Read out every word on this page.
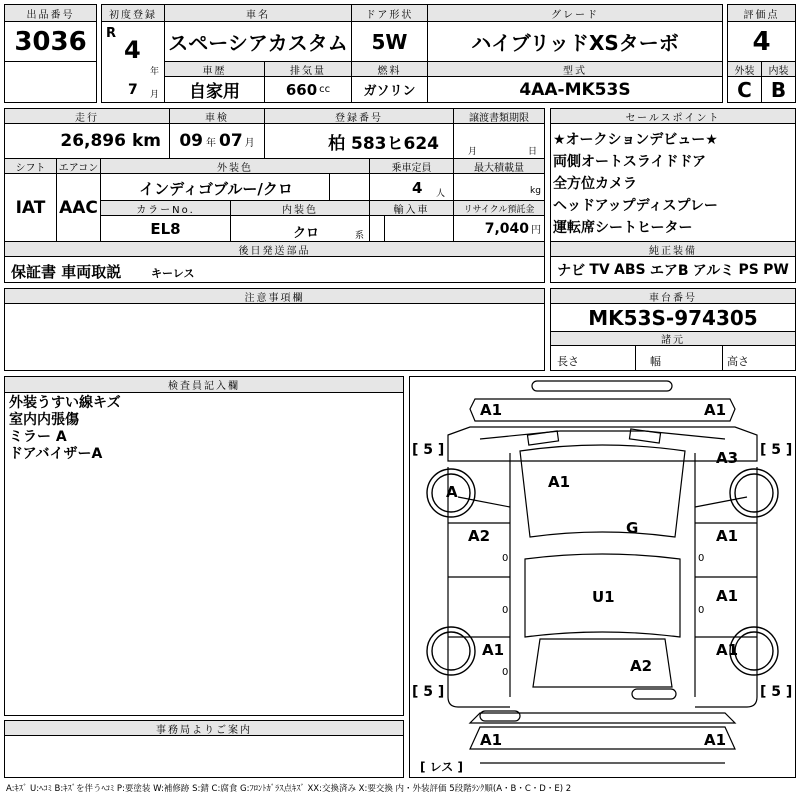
出品番号
3036
初度登録
R
4
年
7 月
車名
スペーシアカスタム
車歴
自家用
排気量
660 cc
ドア形状
5W
燃料
ガソリン
グレード
ハイブリッドXSターボ
型式
4AA-MK53S
評価点
4
外装	内装
C B
走行
26,896 km
車検
09 年 07 月
登録番号
柏 583ヒ624
譲渡書類期限
月	日
シフト
IAT
エアコン
AAC
外装色
インディゴブルー/クロ
カラーNo.
EL8
内装色
クロ	系
乗車定員
4 人
最大積載量
kg
輸入車	リサイクル預託金
7,040 円
後日発送部品
保証書 車両取説	キーレス
セールスポイント
★オークションデビュー★
両側オートスライドドア
全方位カメラ
ヘッドアップディスプレー
運転席シートヒーター
純正装備
ナビ TV ABS エアB アルミ PS PW
注意事項欄	車台番号
MK53S-974305
諸元
長さ	幅	高さ
検査員記入欄
外装うすい線キズ
室内内張傷
ミラー A
ドアバイザーA
事務局よりご案内
A1	A1
A1
A3
A
G
A2	A1
A1
U1
A1	A1
A2
A1	A1
[ 5 ]	[ 5 ]
[ 5 ]	[ 5 ]
[ レス ]
0	0
0	0
0
A:ｷｽﾞ U:ﾍｺﾐ B:ｷｽﾞを伴うﾍｺﾐ P:要塗装 W:補修跡 S:錆 C:腐食 G:ﾌﾛﾝﾄｶﾞﾗｽ点ｷｽﾞ XX:交換済み X:要交換 内・外装評価 5段階ﾗﾝｸ順(A・B・C・D・E) 2
